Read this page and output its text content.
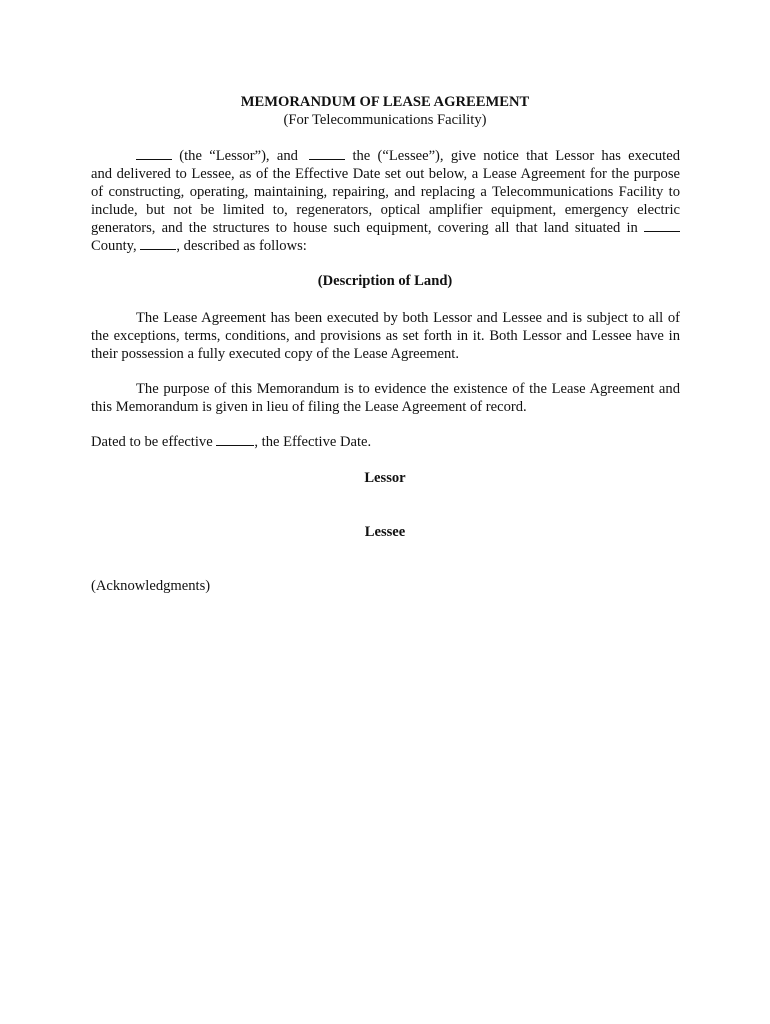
MEMORANDUM OF LEASE AGREEMENT
(For Telecommunications Facility)
(the “Lessor”), and	the (“Lessee”), give notice that Lessor has executed
and delivered to Lessee, as of the Effective Date set out below, a Lease Agreement for the purpose of constructing, operating, maintaining, repairing, and replacing a Telecommunications Facility to include, but not be limited to, regenerators, optical amplifier equipment, emergency electric generators, and the structures to house such equipment, covering all that land situated in  County,	, described as follows:
(Description of Land)
The Lease Agreement has been executed by both Lessor and Lessee and is subject to all of the exceptions, terms, conditions, and provisions as set forth in it. Both Lessor and Lessee have in their possession a fully executed copy of the Lease Agreement.
The purpose of this Memorandum is to evidence the existence of the Lease Agreement and this Memorandum is given in lieu of filing the Lease Agreement of record.
Dated to be effective	, the Effective Date.
Lessor
Lessee
(Acknowledgments)
